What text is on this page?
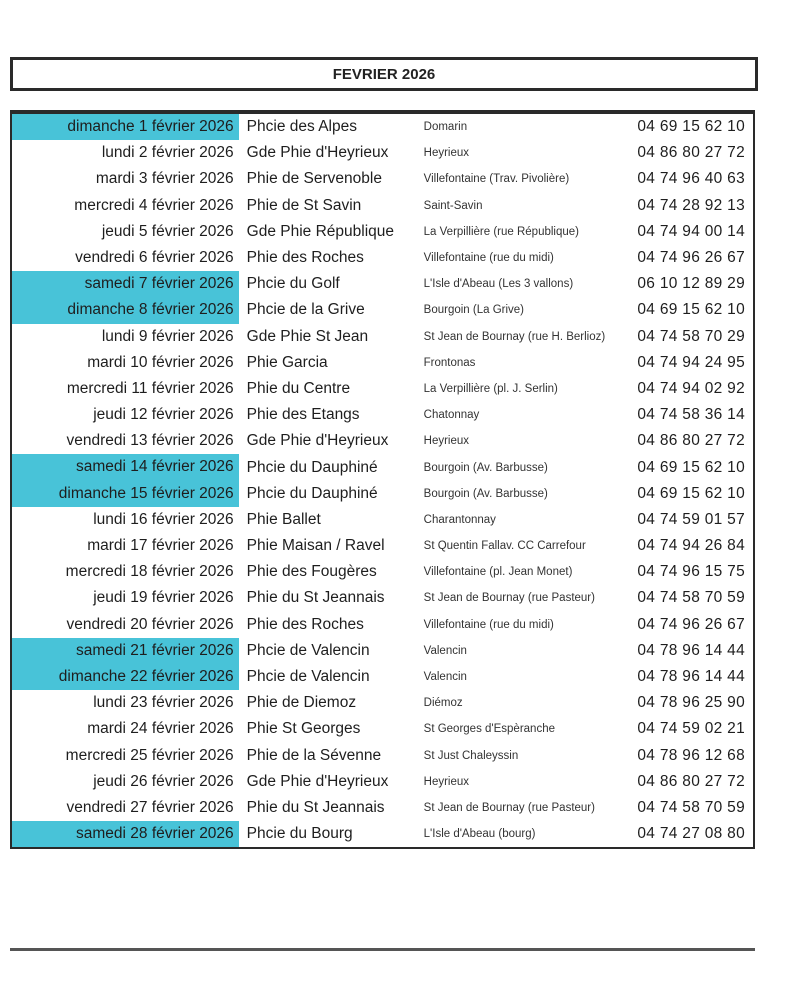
FEVRIER 2026
dimanche 1 février 2026 Phcie des Alpes	Domarin	04 69 15 62 10
lundi 2 février 2026 Gde Phie d'Heyrieux	Heyrieux	04 86 80 27 72
mardi 3 février 2026 Phie de Servenoble	Villefontaine (Trav. Pivolière)	04 74 96 40 63
mercredi 4 février 2026 Phie de St Savin	Saint-Savin	04 74 28 92 13
jeudi 5 février 2026 Gde Phie République	La Verpillière (rue République)	04 74 94 00 14
vendredi 6 février 2026 Phie des Roches	Villefontaine (rue du midi)	04 74 96 26 67
samedi 7 février 2026 Phcie du Golf	L'Isle d'Abeau (Les 3 vallons)	06 10 12 89 29
dimanche 8 février 2026 Phcie de la Grive	Bourgoin (La Grive)	04 69 15 62 10
lundi 9 février 2026 Gde Phie St Jean	St Jean de Bournay (rue H. Berlioz)	04 74 58 70 29
mardi 10 février 2026 Phie Garcia	Frontonas	04 74 94 24 95
mercredi 11 février 2026 Phie du Centre	La Verpillière (pl. J. Serlin)	04 74 94 02 92
jeudi 12 février 2026 Phie des Etangs	Chatonnay	04 74 58 36 14
vendredi 13 février 2026 Gde Phie d'Heyrieux	Heyrieux	04 86 80 27 72
samedi 14 février 2026 Phcie du Dauphiné	Bourgoin (Av. Barbusse)	04 69 15 62 10
dimanche 15 février 2026 Phcie du Dauphiné	Bourgoin (Av. Barbusse)	04 69 15 62 10
lundi 16 février 2026 Phie Ballet	Charantonnay	04 74 59 01 57
mardi 17 février 2026 Phie Maisan / Ravel	St Quentin Fallav. CC Carrefour	04 74 94 26 84
mercredi 18 février 2026 Phie des Fougères	Villefontaine (pl. Jean Monet)	04 74 96 15 75
jeudi 19 février 2026 Phie du St Jeannais	St Jean de Bournay (rue Pasteur)	04 74 58 70 59
vendredi 20 février 2026 Phie des Roches	Villefontaine (rue du midi)	04 74 96 26 67
samedi 21 février 2026 Phcie de Valencin	Valencin	04 78 96 14 44
dimanche 22 février 2026 Phcie de Valencin	Valencin	04 78 96 14 44
lundi 23 février 2026 Phie de Diemoz	Diémoz	04 78 96 25 90
mardi 24 février 2026 Phie St Georges	St Georges d'Espèranche	04 74 59 02 21
mercredi 25 février 2026 Phie de la Sévenne	St Just Chaleyssin	04 78 96 12 68
jeudi 26 février 2026 Gde Phie d'Heyrieux	Heyrieux	04 86 80 27 72
vendredi 27 février 2026 Phie du St Jeannais	St Jean de Bournay (rue Pasteur)	04 74 58 70 59
samedi 28 février 2026 Phcie du Bourg	L'Isle d'Abeau (bourg)	04 74 27 08 80
